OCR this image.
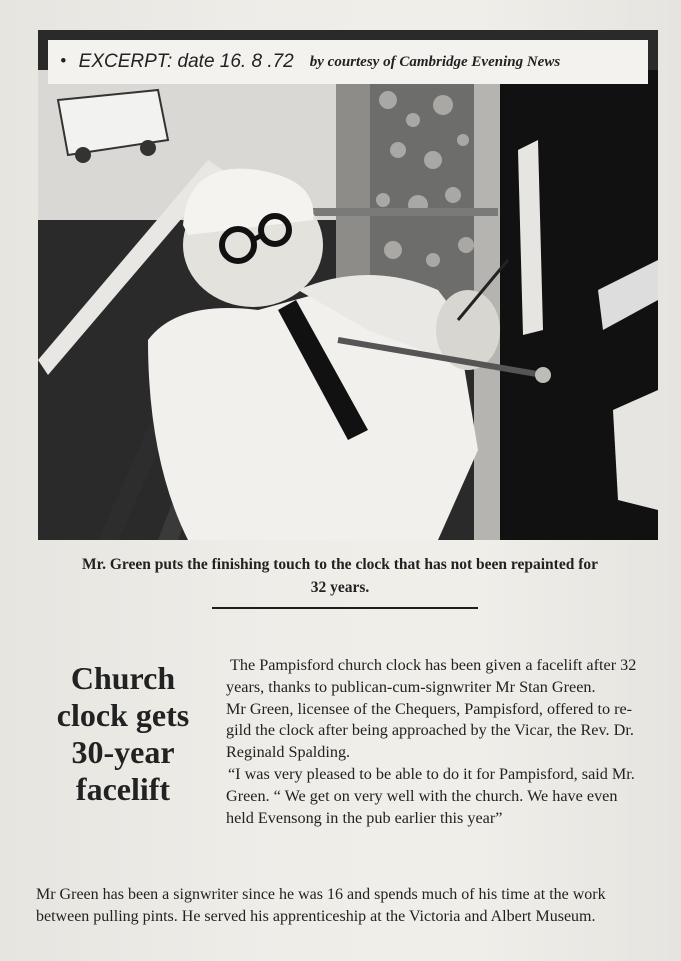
• EXCERPT: date 16. 8 .72 by courtesy of Cambridge Evening News
Mr. Green puts the finishing touch to the clock that has not been repainted for 32 years.
Church clock gets 30-year facelift

The Pampisford church clock has been given a facelift after 32 years, thanks to publican-cum-signwriter Mr Stan Green.

Mr Green, licensee of the Chequers, Pampisford, offered to re-gild the clock after being approached by the Vicar, the Rev. Dr. Reginald Spalding.

“I was very pleased to be able to do it for Pampisford, said Mr. Green. “ We get on very well with the church. We have even held Evensong in the pub earlier this year”

Mr Green has been a signwriter since he was 16 and spends much of his time at the work between pulling pints. He served his apprenticeship at the Victoria and Albert Museum.
